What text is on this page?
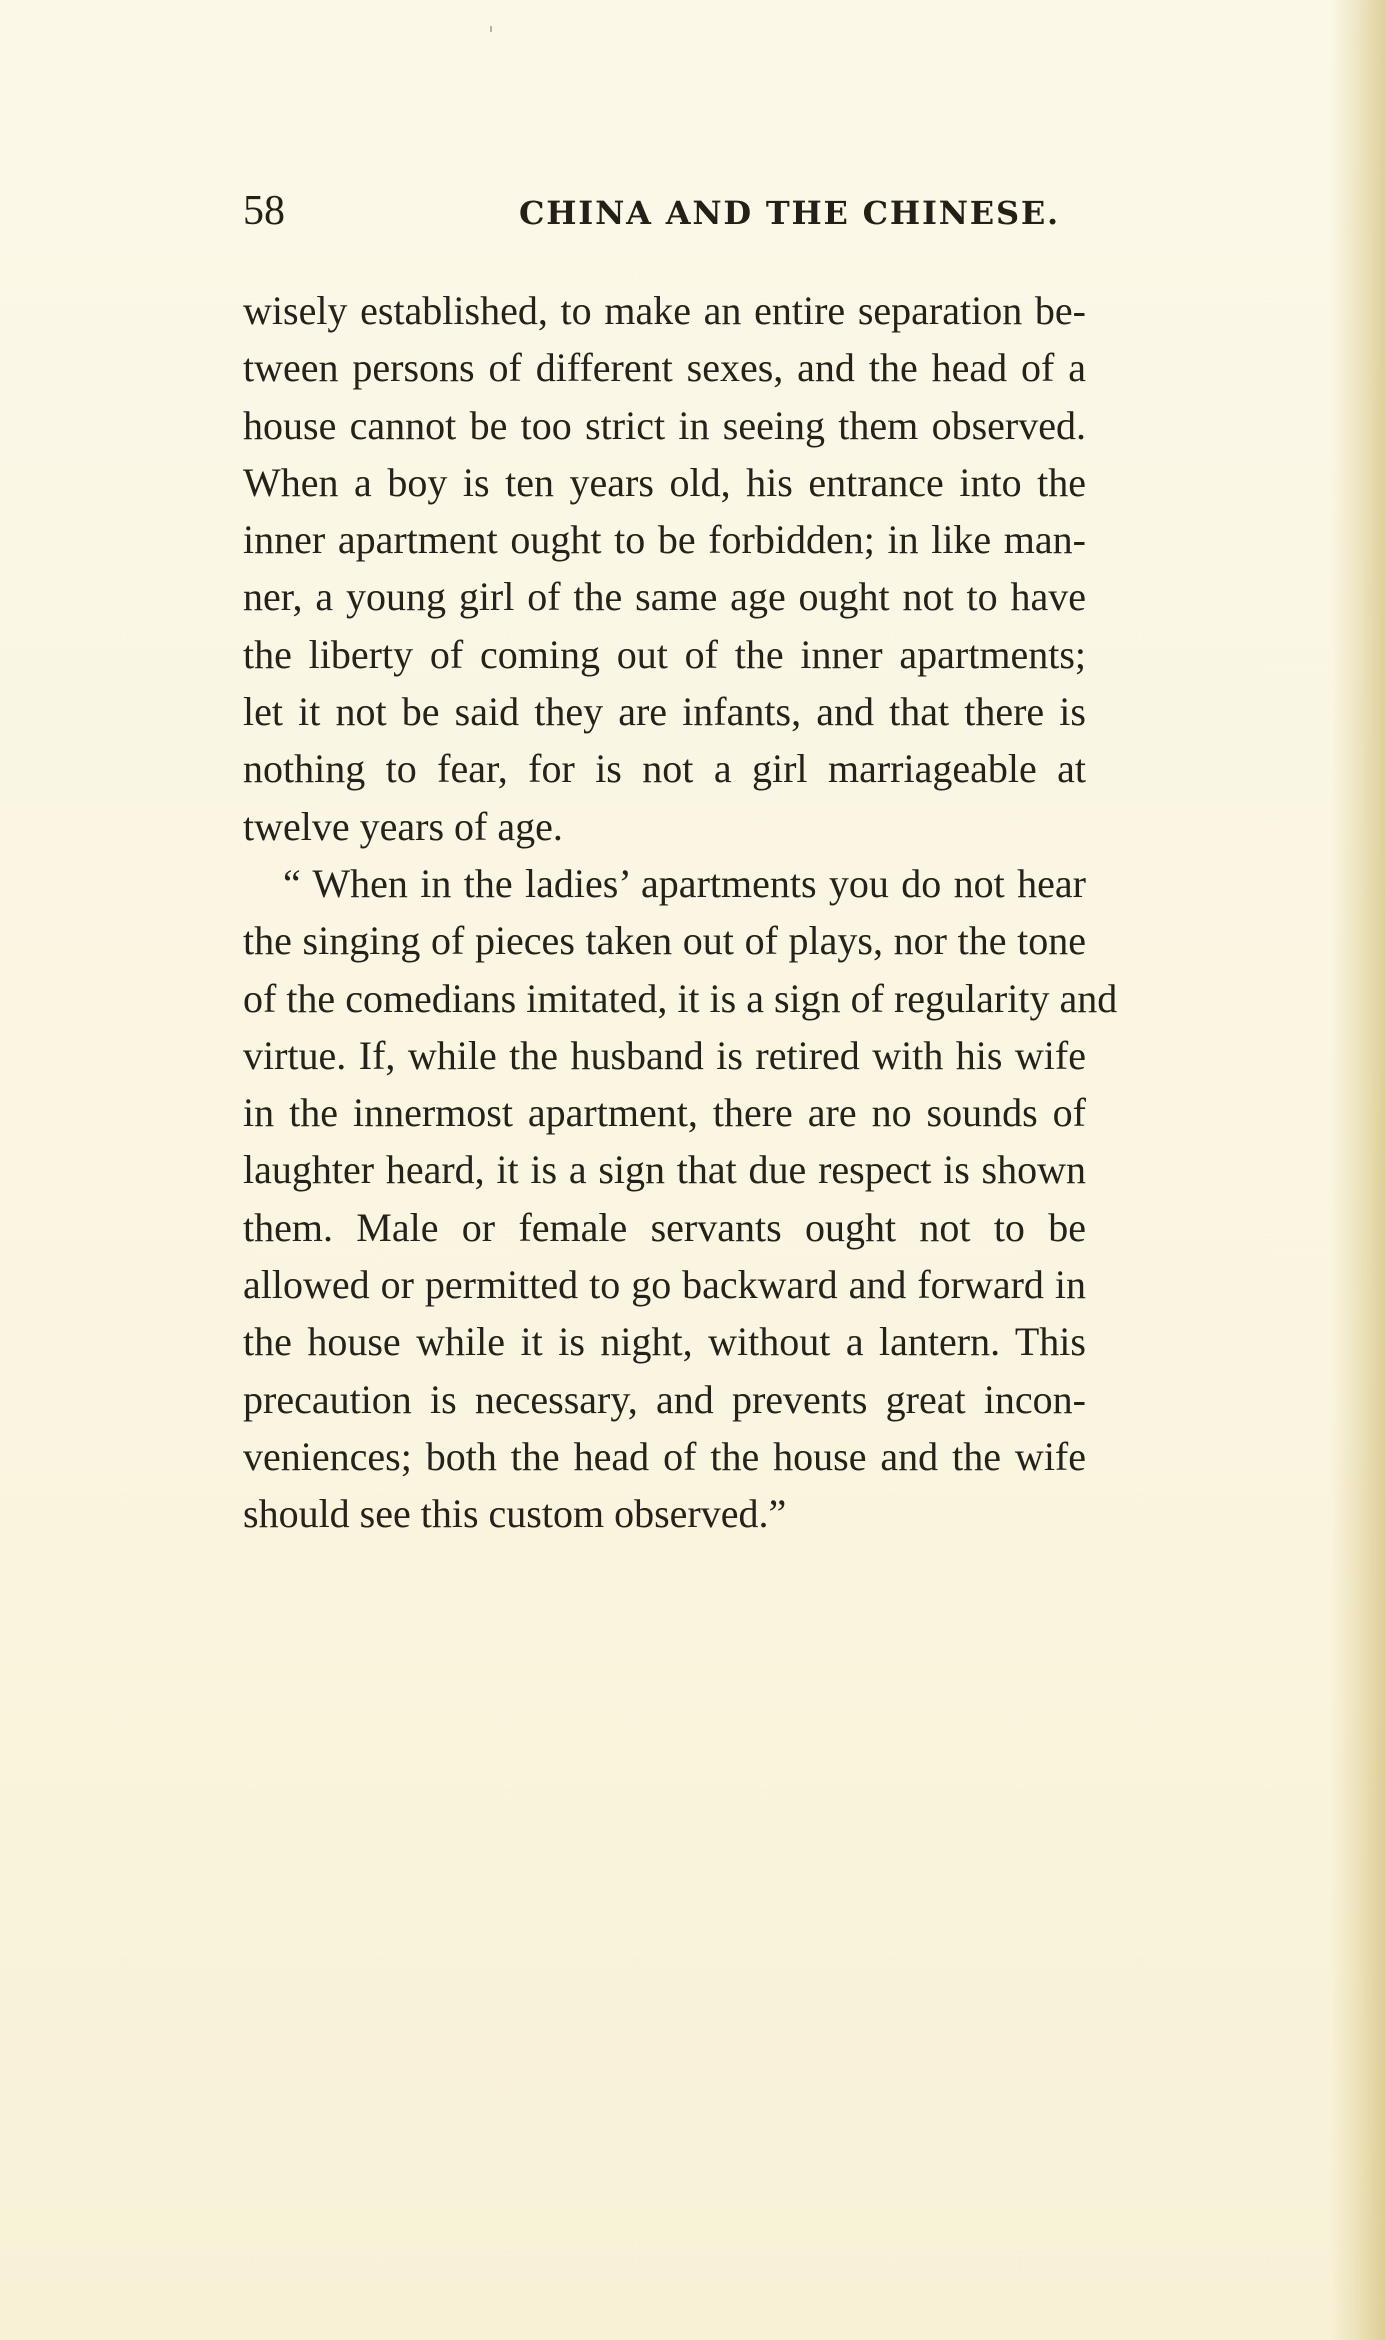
58	CHINA AND THE CHINESE.
wisely established, to make an entire separation be-
tween persons of different sexes, and the head of a
house cannot be too strict in seeing them observed.
When a boy is ten years old, his entrance into the
inner apartment ought to be forbidden; in like man-
ner, a young girl of the same age ought not to have
the liberty of coming out of the inner apartments;
let it not be said they are infants, and that there is
nothing to fear, for is not a girl marriageable at
twelve years of age.
“ When in the ladies’ apartments you do not hear
the singing of pieces taken out of plays, nor the tone
of the comedians imitated, it is a sign of regularity and
virtue. If, while the husband is retired with his wife
in the innermost apartment, there are no sounds of
laughter heard, it is a sign that due respect is shown
them. Male or female servants ought not to be
allowed or permitted to go backward and forward in
the house while it is night, without a lantern. This
precaution is necessary, and prevents great incon-
veniences; both the head of the house and the wife
should see this custom observed.”
